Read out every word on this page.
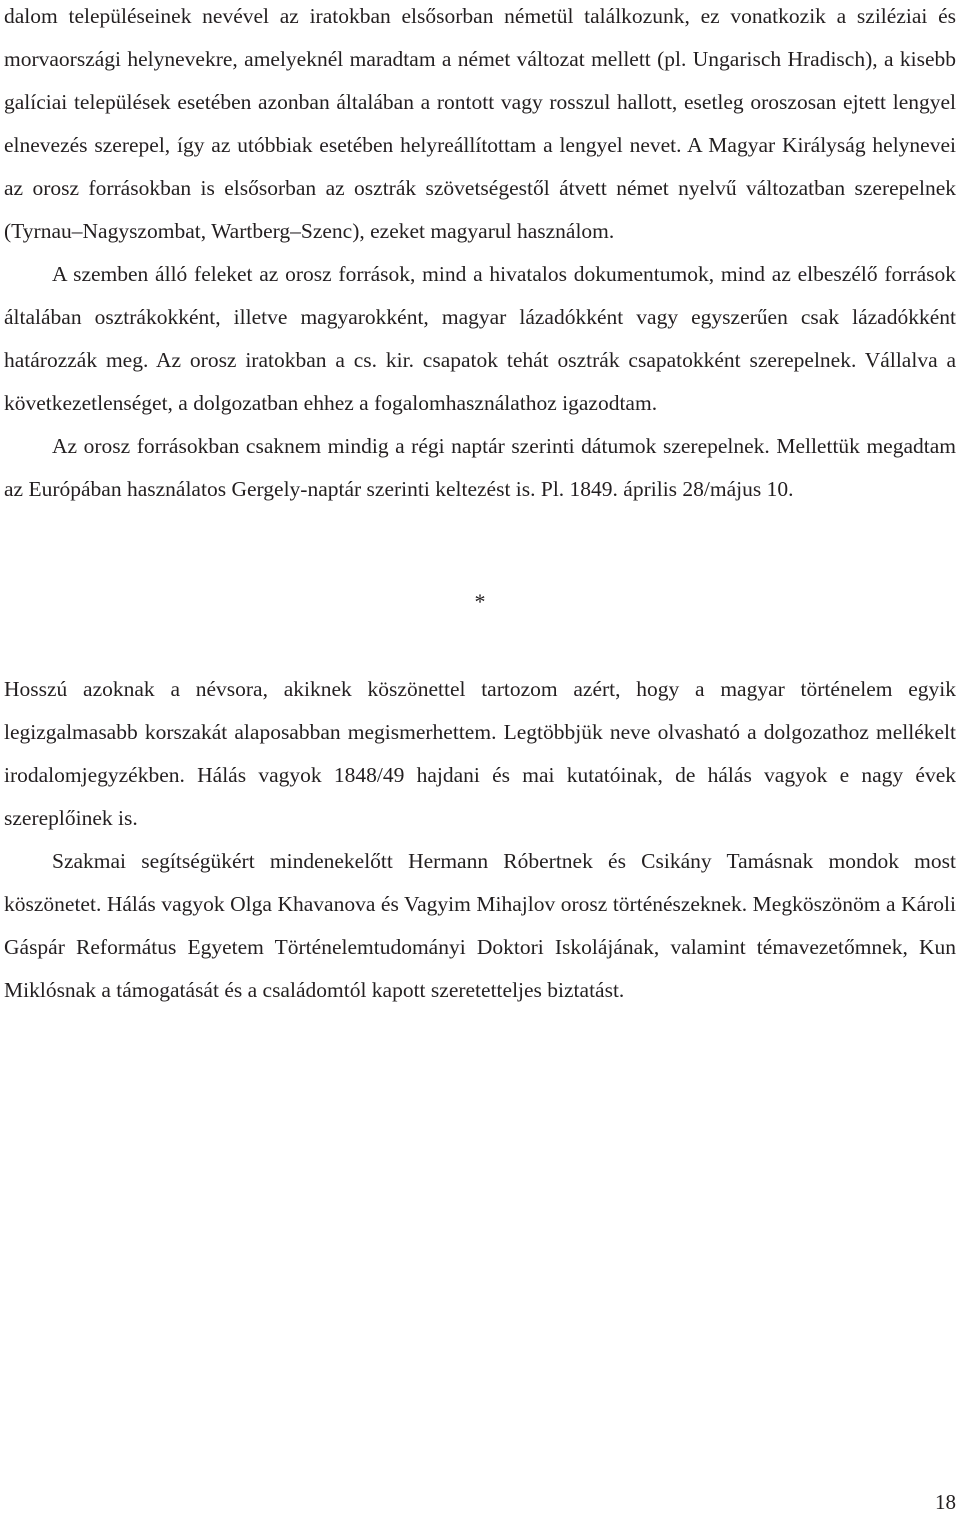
dalom településeinek nevével az iratokban elsősorban németül találkozunk, ez vonatkozik a sziléziai és morvaországi helynevekre, amelyeknél maradtam a német változat mellett (pl. Ungarisch Hradisch), a kisebb galíciai települések esetében azonban általában a rontott vagy rosszul hallott, esetleg oroszosan ejtett lengyel elnevezés szerepel, így az utóbbiak esetében helyreállítottam a lengyel nevet. A Magyar Királyság helynevei az orosz forrásokban is elsősorban az osztrák szövetségestől átvett német nyelvű változatban szerepelnek (Tyrnau–Nagyszombat, Wartberg–Szenc), ezeket magyarul használom.

A szemben álló feleket az orosz források, mind a hivatalos dokumentumok, mind az elbeszélő források általában osztrákokként, illetve magyarokként, magyar lázadókként vagy egyszerűen csak lázadókként határozzák meg. Az orosz iratokban a cs. kir. csapatok tehát osztrák csapatokként szerepelnek. Vállalva a következetlenséget, a dolgozatban ehhez a fogalomhasználathoz igazodtam.

Az orosz forrásokban csaknem mindig a régi naptár szerinti dátumok szerepelnek. Mellettük megadtam az Európában használatos Gergely-naptár szerinti keltezést is. Pl. 1849. április 28/május 10.

*

Hosszú azoknak a névsora, akiknek köszönettel tartozom azért, hogy a magyar történelem egyik legizgalmasabb korszakát alaposabban megismerhettem. Legtöbbjük neve olvasható a dolgozathoz mellékelt irodalomjegyzékben. Hálás vagyok 1848/49 hajdani és mai kutatóinak, de hálás vagyok e nagy évek szereplőinek is.

Szakmai segítségükért mindenekelőtt Hermann Róbertnek és Csikány Tamásnak mondok most köszönetet. Hálás vagyok Olga Khavanova és Vagyim Mihajlov orosz történészeknek. Megköszönöm a Károli Gáspár Református Egyetem Történelemtudományi Doktori Iskolájának, valamint témavezetőmnek, Kun Miklósnak a támogatását és a családomtól kapott szeretetteljes biztatást.

18
